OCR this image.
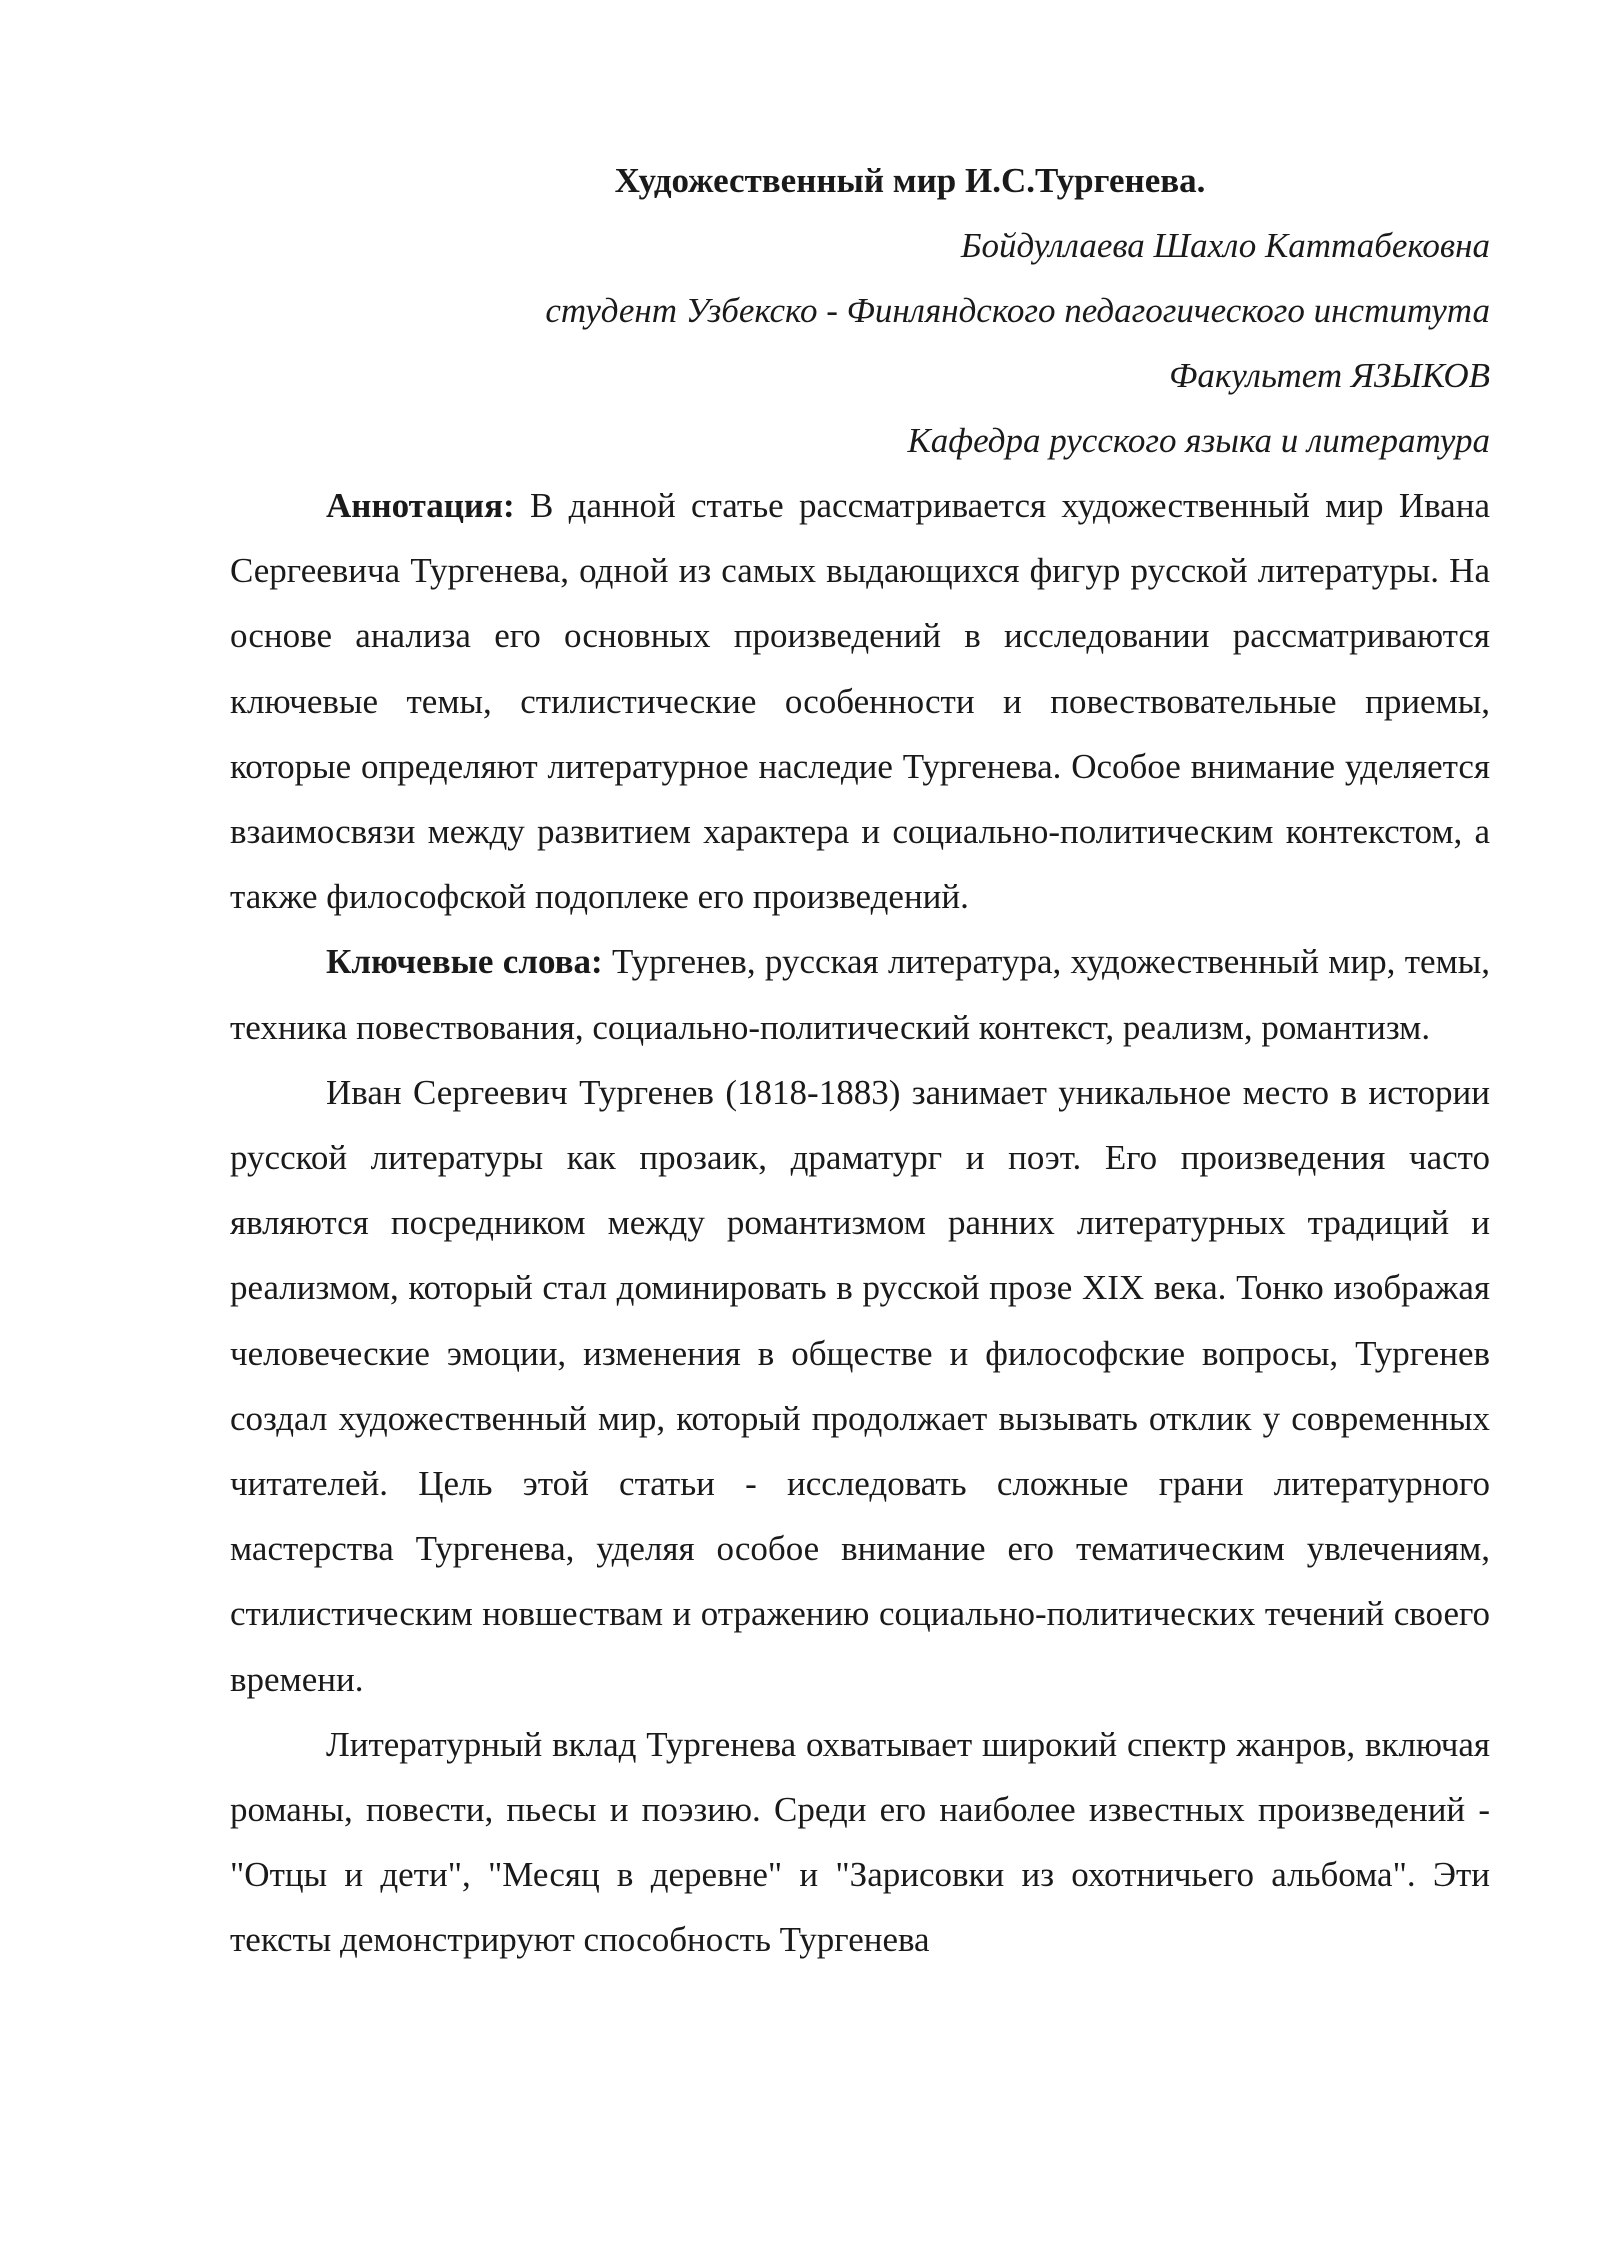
Художественный мир И.С.Тургенева.
Бойдуллаева Шахло Каттабековна
студент Узбекско - Финляндского педагогического института
Факультет ЯЗЫКОВ
Кафедра русского языка и литература

Аннотация: В данной статье рассматривается художественный мир Ивана Сергеевича Тургенева, одной из самых выдающихся фигур русской литературы. На основе анализа его основных произведений в исследовании рассматриваются ключевые темы, стилистические особенности и повествовательные приемы, которые определяют литературное наследие Тургенева. Особое внимание уделяется взаимосвязи между развитием характера и социально-политическим контекстом, а также философской подоплеке его произведений.

Ключевые слова: Тургенев, русская литература, художественный мир, темы, техника повествования, социально-политический контекст, реализм, романтизм.

Иван Сергеевич Тургенев (1818-1883) занимает уникальное место в истории русской литературы как прозаик, драматург и поэт. Его произведения часто являются посредником между романтизмом ранних литературных традиций и реализмом, который стал доминировать в русской прозе XIX века. Тонко изображая человеческие эмоции, изменения в обществе и философские вопросы, Тургенев создал художественный мир, который продолжает вызывать отклик у современных читателей. Цель этой статьи - исследовать сложные грани литературного мастерства Тургенева, уделяя особое внимание его тематическим увлечениям, стилистическим новшествам и отражению социально-политических течений своего времени.

Литературный вклад Тургенева охватывает широкий спектр жанров, включая романы, повести, пьесы и поэзию. Среди его наиболее известных произведений - "Отцы и дети", "Месяц в деревне" и "Зарисовки из охотничьего альбома". Эти тексты демонстрируют способность Тургенева
